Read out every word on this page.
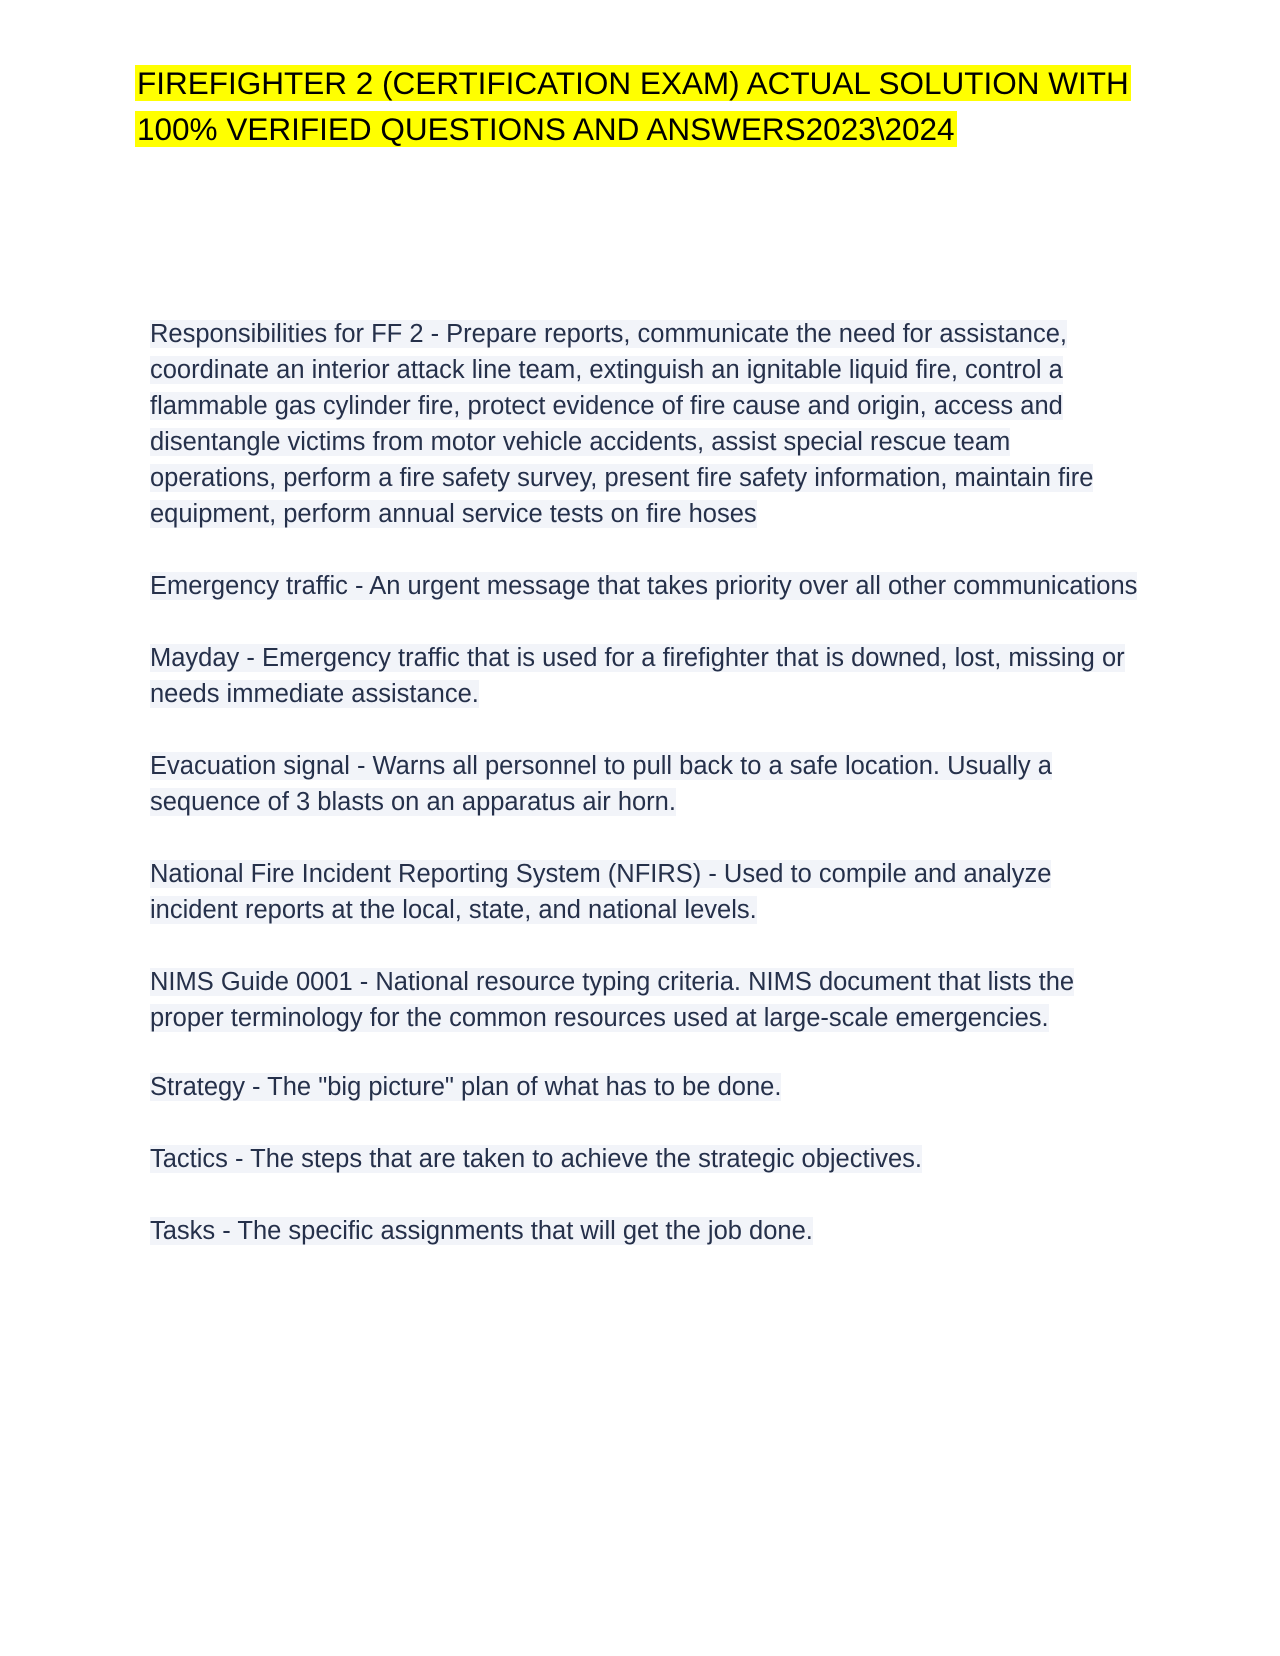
FIREFIGHTER 2 (CERTIFICATION EXAM) ACTUAL SOLUTION WITH 100% VERIFIED QUESTIONS AND ANSWERS2023\2024

Responsibilities for FF 2 - Prepare reports, communicate the need for assistance, coordinate an interior attack line team, extinguish an ignitable liquid fire, control a flammable gas cylinder fire, protect evidence of fire cause and origin, access and disentangle victims from motor vehicle accidents, assist special rescue team operations, perform a fire safety survey, present fire safety information, maintain fire equipment, perform annual service tests on fire hoses

Emergency traffic - An urgent message that takes priority over all other communications

Mayday - Emergency traffic that is used for a firefighter that is downed, lost, missing or needs immediate assistance.

Evacuation signal - Warns all personnel to pull back to a safe location. Usually a sequence of 3 blasts on an apparatus air horn.

National Fire Incident Reporting System (NFIRS) - Used to compile and analyze incident reports at the local, state, and national levels.

NIMS Guide 0001 - National resource typing criteria. NIMS document that lists the proper terminology for the common resources used at large-scale emergencies.

Strategy - The "big picture" plan of what has to be done.

Tactics - The steps that are taken to achieve the strategic objectives.

Tasks - The specific assignments that will get the job done.
